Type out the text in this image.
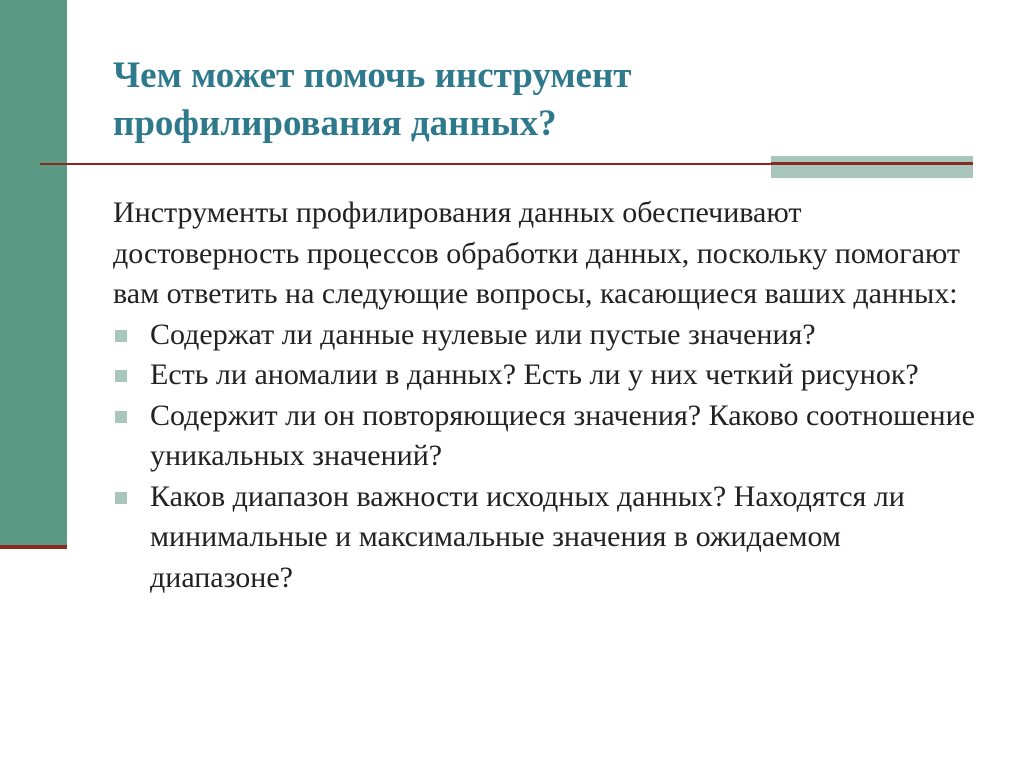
Чем может помочь инструмент профилирования данных?

Инструменты профилирования данных обеспечивают достоверность процессов обработки данных, поскольку помогают вам ответить на следующие вопросы, касающиеся ваших данных:

Содержат ли данные нулевые или пустые значения?
Есть ли аномалии в данных? Есть ли у них четкий рисунок?
Содержит ли он повторяющиеся значения? Каково соотношение уникальных значений?
Каков диапазон важности исходных данных? Находятся ли минимальные и максимальные значения в ожидаемом диапазоне?
